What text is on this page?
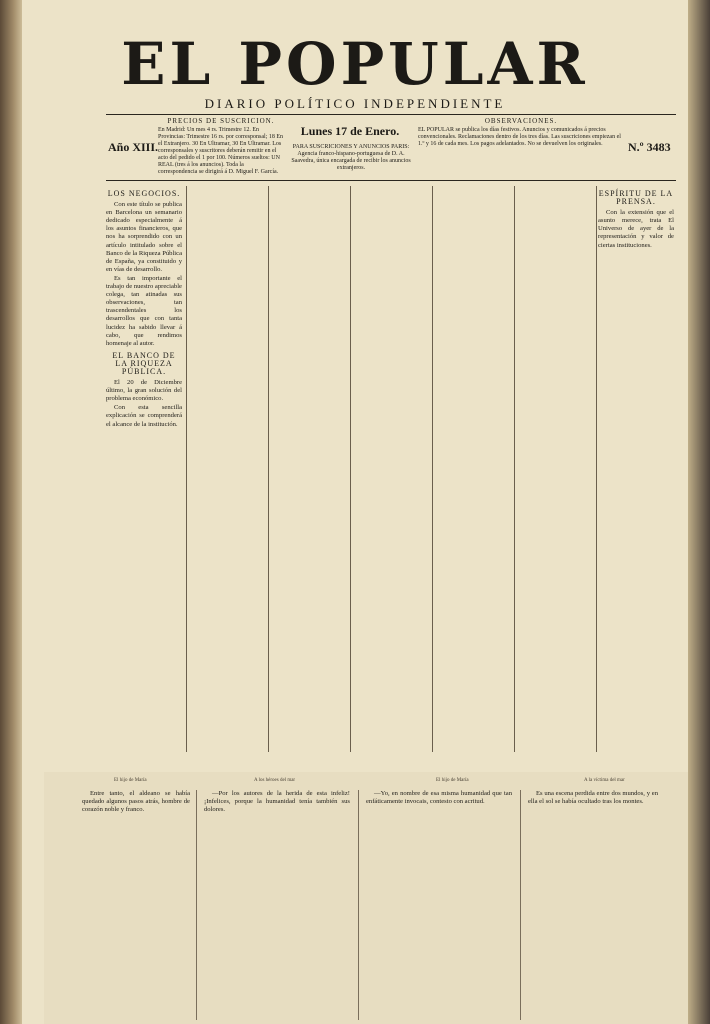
EL POPULAR
DIARIO POLÍTICO INDEPENDIENTE
Año XIII.
PRECIOS DE SUSCRICION.
En Madrid: Un mes 4 rs. Trimestre 12. En Provincias: Trimestre 16 rs. por corresponsal; 18 En el Extranjero. 30 En Ultramar, 30 En Ultramar. Los corresponsales y suscritores deberán remitir en el acto del pedido el 1 por 100. Números sueltos: UN REAL (tres á los anuncios). Toda la correspondencia se dirigirá á D. Miguel F. García.
Lunes 17 de Enero.
PARA SUSCRICIONES Y ANUNCIOS PARIS: Agencia franco-hispano-portuguesa de D. A. Saavedra, única encargada de recibir los anuncios extranjeros.
OBSERVACIONES.
EL POPULAR se publica los días festivos. Anuncios y comunicados á precios convencionales. Reclamaciones dentro de los tres días. Las suscriciones empiezan el 1.º y 16 de cada mes. Los pagos adelantados. No se devuelven los originales.	N.º 3483
LOS NEGOCIOS.

Con este título se publica en Barcelona un semanario dedicado especialmente á los asuntos financieros, que nos ha sorprendido con un artículo intitulado sobre el Banco de la Riqueza Pública de España, ya constituido y en vías de desarrollo.

Es tan importante el trabajo de nuestro apreciable colega, tan atinadas sus observaciones, tan trascendentales los desarrollos que con tanta lucidez ha sabido llevar á cabo, que rendimos homenaje al autor.

EL BANCO DE LA RIQUEZA PÚBLICA.

El 20 de Diciembre último, la gran solución del problema económico.

Con esta sencilla explicación se comprenderá el alcance de la institución.

ESPÍRITU DE LA PRENSA.

Con la extensión que el asunto merece, trata El Universo de ayer de la representación y valor de ciertas instituciones.

El hijo de María	A los héroes del mar	El hijo de María	A la víctima del mar

Entre tanto, el aldeano se había quedado algunos pasos atrás, hombre de corazón noble y franco.

—Por los autores de la herida de esta infeliz! ¡Infelices, porque la humanidad tenía también sus dolores.

—Yo, en nombre de esa misma humanidad que tan enfáticamente invocais, contesto con acritud.

Es una escena perdida entre dos mundos, y en ella el sol se había ocultado tras los montes.
